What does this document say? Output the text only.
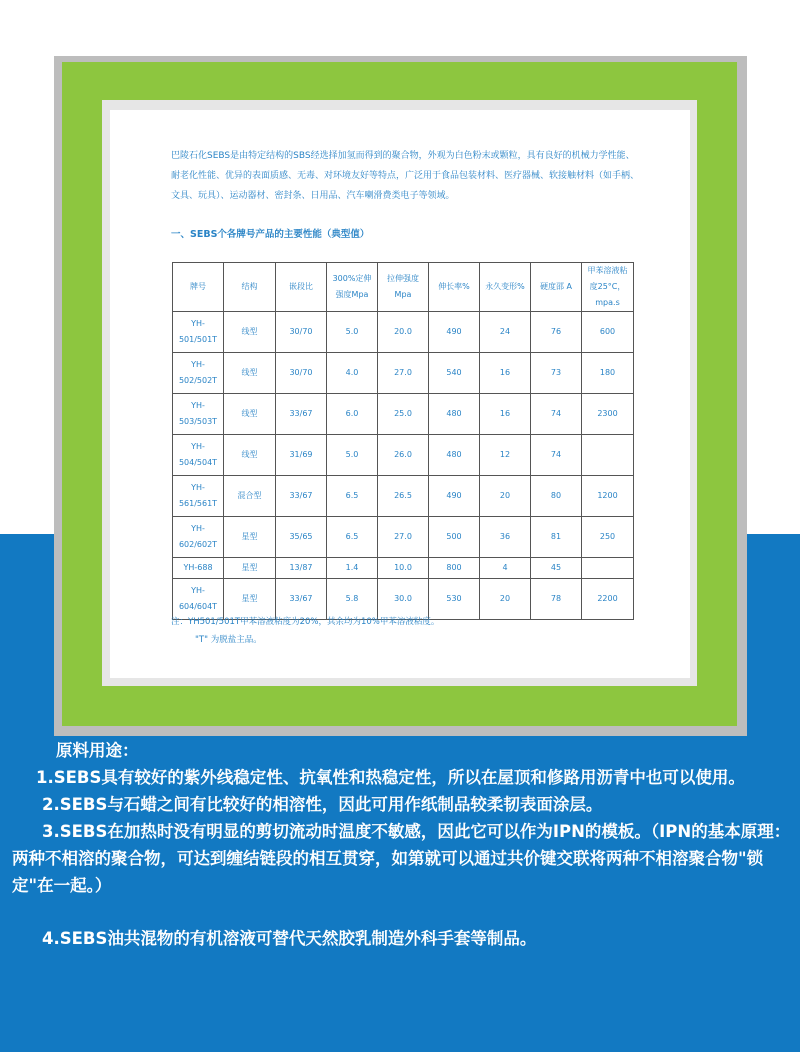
巴陵石化SEBS是由特定结构的SBS经选择加氢而得到的聚合物，外观为白色粉末或颗粒，具有良好的机械力学性能、耐老化性能、优异的表面质感、无毒、对环境友好等特点，广泛用于食品包装材料、医疗器械、软接触材料（如手柄、文具、玩具）、运动器材、密封条、日用品、汽车喇滑费类电子等领域。

一、SEBS个各牌号产品的主要性能（典型值）

牌号	结构	嵌段比	300%定伸强度Mpa	拉伸强度 Mpa	伸长率%	永久变形%	硬度邵 A	甲苯溶液粘度25°C，mpa.s
YH-501/501T	线型	30/70	5.0	20.0	490	24	76	600
YH-502/502T	线型	30/70	4.0	27.0	540	16	73	180
YH-503/503T	线型	33/67	6.0	25.0	480	16	74	2300
YH-504/504T	线型	31/69	5.0	26.0	480	12	74	
YH-561/561T	混合型	33/67	6.5	26.5	490	20	80	1200
YH-602/602T	星型	35/65	6.5	27.0	500	36	81	250
YH-688	星型	13/87	1.4	10.0	800	4	45	
YH-604/604T	星型	33/67	5.8	30.0	530	20	78	2200
注：YH501/501T甲苯溶液粘度为20%，其余均为10%甲苯溶液粘度。
"T" 为脱盐主品。

原料用途：

1.SEBS具有较好的紫外线稳定性、抗氧性和热稳定性，所以在屋顶和修路用沥青中也可以使用。

2.SEBS与石蜡之间有比较好的相溶性，因此可用作纸制品较柔韧表面涂层。

3.SEBS在加热时没有明显的剪切流动时温度不敏感，因此它可以作为IPN的模板。（IPN的基本原理：两种不相溶的聚合物，可达到缠结链段的相互贯穿，如第就可以通过共价键交联将两种不相溶聚合物"锁定"在一起。）

4.SEBS油共混物的有机溶液可替代天然胶乳制造外科手套等制品。
